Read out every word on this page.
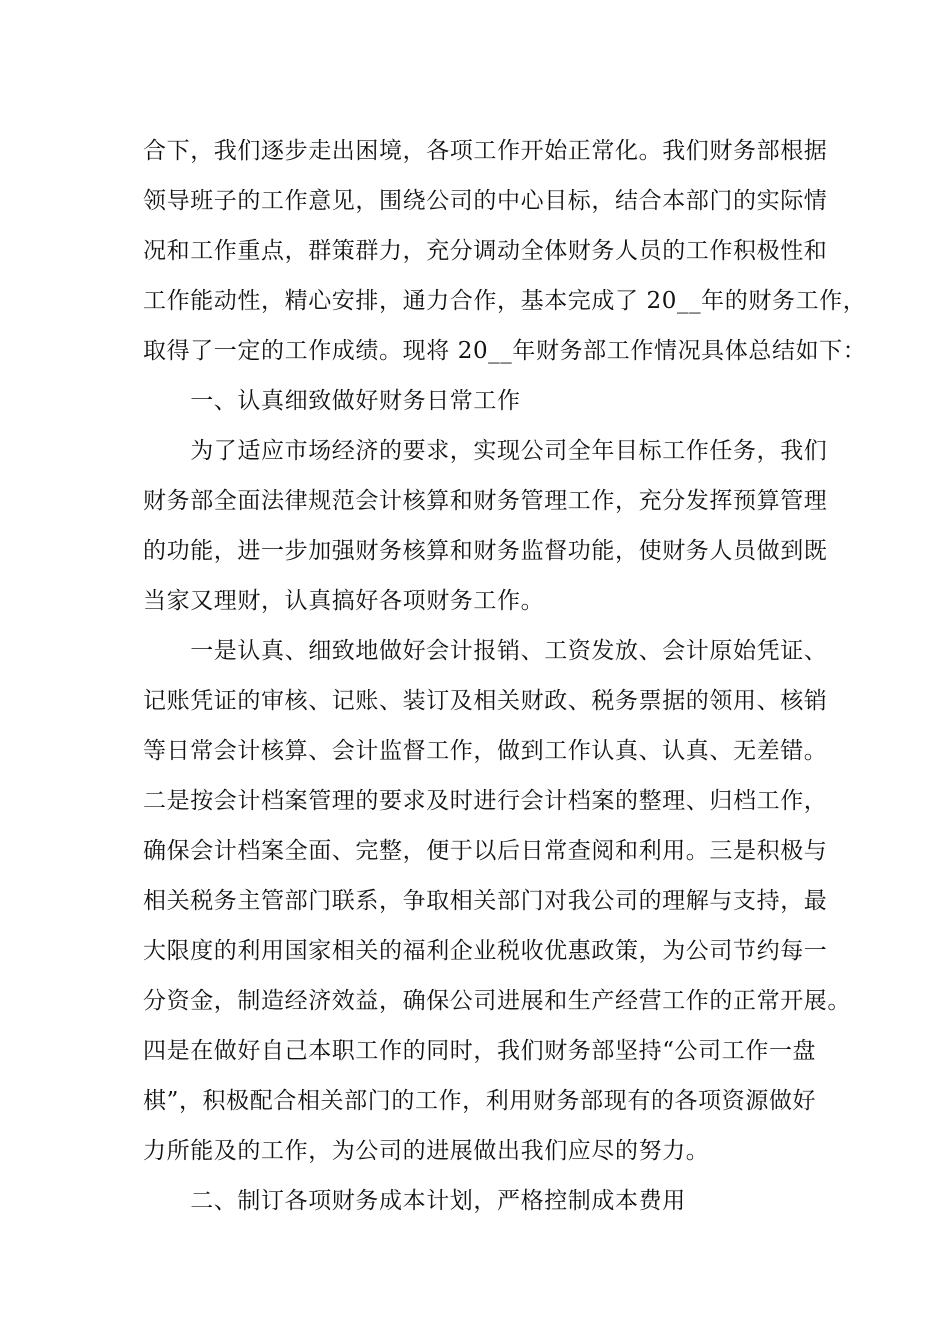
合下，我们逐步走出困境，各项工作开始正常化。我们财务部根据
领导班子的工作意见，围绕公司的中心目标，结合本部门的实际情
况和工作重点，群策群力，充分调动全体财务人员的工作积极性和
工作能动性，精心安排，通力合作，基本完成了 20__年的财务工作，
取得了一定的工作成绩。现将 20__年财务部工作情况具体总结如下：
　　一、认真细致做好财务日常工作
　　为了适应市场经济的要求，实现公司全年目标工作任务，我们
财务部全面法律规范会计核算和财务管理工作，充分发挥预算管理
的功能，进一步加强财务核算和财务监督功能，使财务人员做到既
当家又理财，认真搞好各项财务工作。
　　一是认真、细致地做好会计报销、工资发放、会计原始凭证、
记账凭证的审核、记账、装订及相关财政、税务票据的领用、核销
等日常会计核算、会计监督工作，做到工作认真、认真、无差错。
二是按会计档案管理的要求及时进行会计档案的整理、归档工作，
确保会计档案全面、完整，便于以后日常查阅和利用。三是积极与
相关税务主管部门联系，争取相关部门对我公司的理解与支持，最
大限度的利用国家相关的福利企业税收优惠政策，为公司节约每一
分资金，制造经济效益，确保公司进展和生产经营工作的正常开展。
四是在做好自己本职工作的同时，我们财务部坚持“公司工作一盘
棋”，积极配合相关部门的工作，利用财务部现有的各项资源做好
力所能及的工作，为公司的进展做出我们应尽的努力。
　　二、制订各项财务成本计划，严格控制成本费用
